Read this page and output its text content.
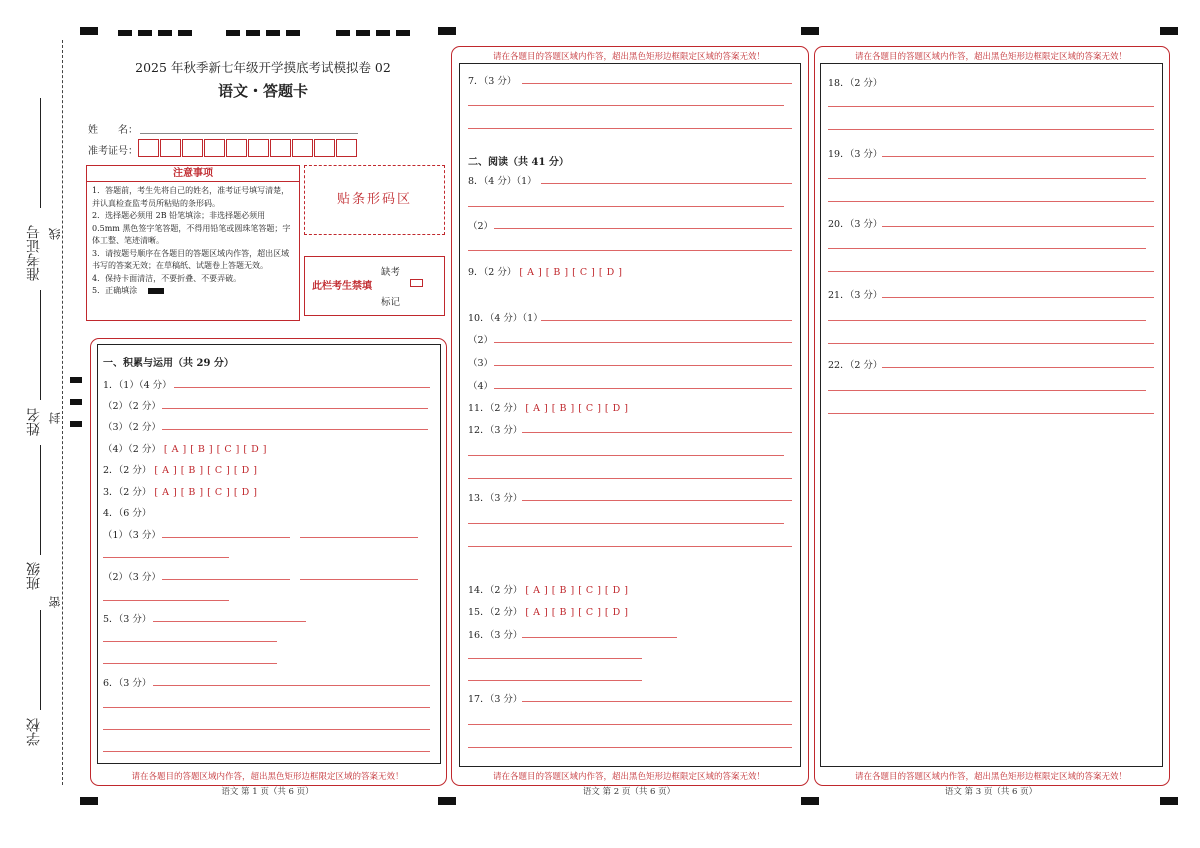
准考证号 线
姓名 封
班级
密
学校
2025 年秋季新七年级开学摸底考试模拟卷 02
语文・答题卡
姓　　名：
准考证号：
注意事项
1．答题前，考生先将自己的姓名，准考证号填写清楚，并认真检查监考员所粘贴的条形码。
2．选择题必须用 2B 铅笔填涂；非选择题必须用 0.5mm 黑色签字笔答题，不得用铅笔或圆珠笔答题；字体工整、笔迹清晰。
3．请按题号顺序在各题目的答题区域内作答，超出区域书写的答案无效；在草稿纸、试题卷上答题无效。
4．保持卡面清洁，不要折叠、不要弄破。
5．正确填涂
贴条形码区
此栏考生禁填
缺考
标记
一、积累与运用（共 29 分）
1．（1）（4 分）
（2）（2 分）
（3）（2 分）
（4）（2 分） [ A ] [ B ] [ C ] [ D ]
2．（2 分） [ A ] [ B ] [ C ] [ D ]
3．（2 分） [ A ] [ B ] [ C ] [ D ]
4．（6 分）
（1）（3 分）
（2）（3 分）
5．（3 分）
6．（3 分）
请在各题目的答题区域内作答，超出黑色矩形边框限定区域的答案无效！
语文 第 1 页（共 6 页）
请在各题目的答题区域内作答，超出黑色矩形边框限定区域的答案无效！
7．（3 分）
二、阅读（共 41 分）
8．（4 分）（1）
（2）
9．（2 分） [ A ] [ B ] [ C ] [ D ]
10．（4 分）（1）
（2）
（3）
（4）
11．（2 分） [ A ] [ B ] [ C ] [ D ]
12．（3 分）
13．（3 分）
14．（2 分） [ A ] [ B ] [ C ] [ D ]
15．（2 分） [ A ] [ B ] [ C ] [ D ]
16．（3 分）
17．（3 分）
请在各题目的答题区域内作答，超出黑色矩形边框限定区域的答案无效！
语文 第 2 页（共 6 页）
请在各题目的答题区域内作答，超出黑色矩形边框限定区域的答案无效！
18．（2 分）
19．（3 分）
20．（3 分）
21．（3 分）
22．（2 分）
请在各题目的答题区域内作答，超出黑色矩形边框限定区域的答案无效！
语文 第 3 页（共 6 页）
